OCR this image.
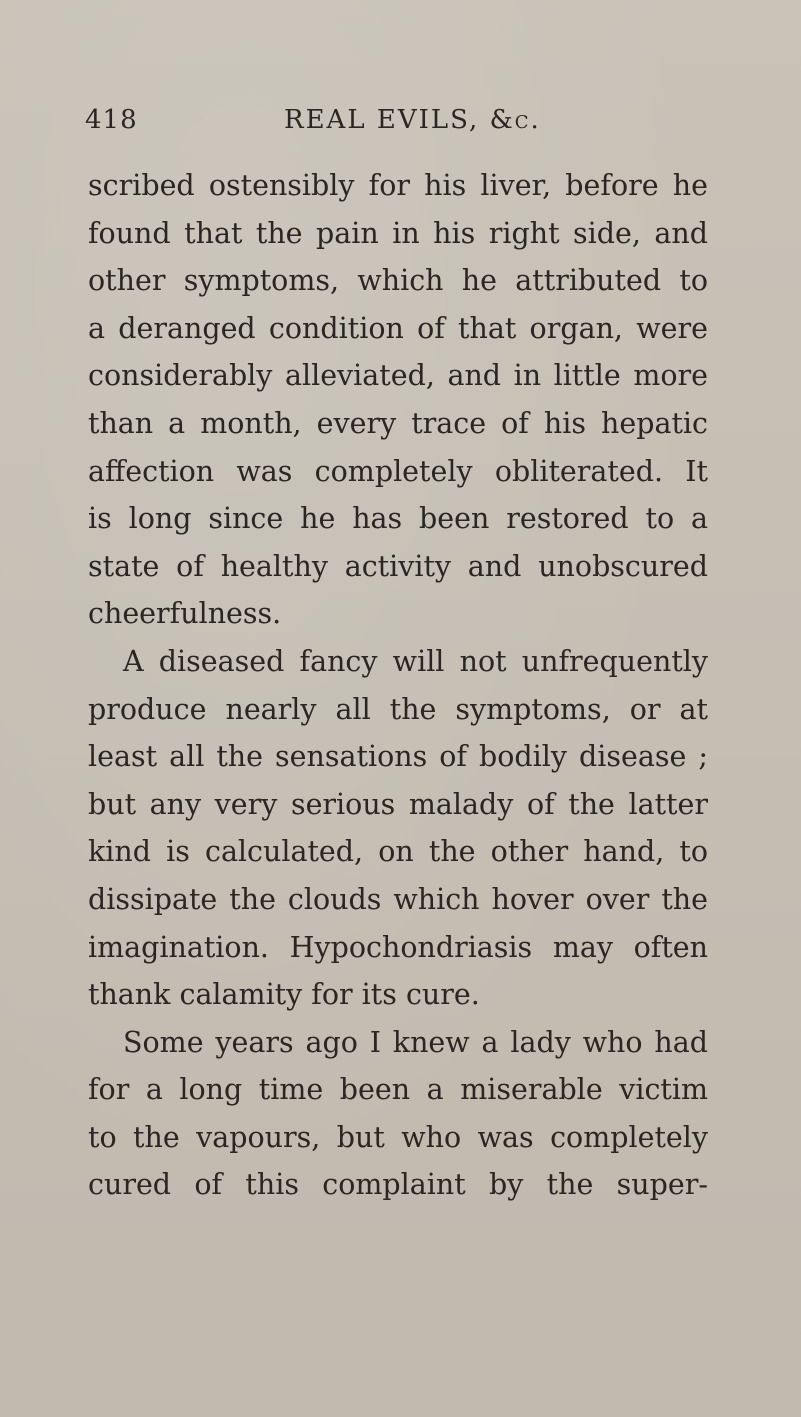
418	REAL EVILS, &c.
scribed ostensibly for his liver, before he
found that the pain in his right side, and
other symptoms, which he attributed to
a deranged condition of that organ, were
considerably alleviated, and in little more
than a month, every trace of his hepatic
affection was completely obliterated. It
is long since he has been restored to a
state of healthy activity and unobscured
cheerfulness.
A diseased fancy will not unfrequently
produce nearly all the symptoms, or at
least all the sensations of bodily disease ;
but any very serious malady of the latter
kind is calculated, on the other hand, to
dissipate the clouds which hover over the
imagination. Hypochondriasis may often
thank calamity for its cure.
Some years ago I knew a lady who had
for a long time been a miserable victim
to the vapours, but who was completely
cured of this complaint by the super-
